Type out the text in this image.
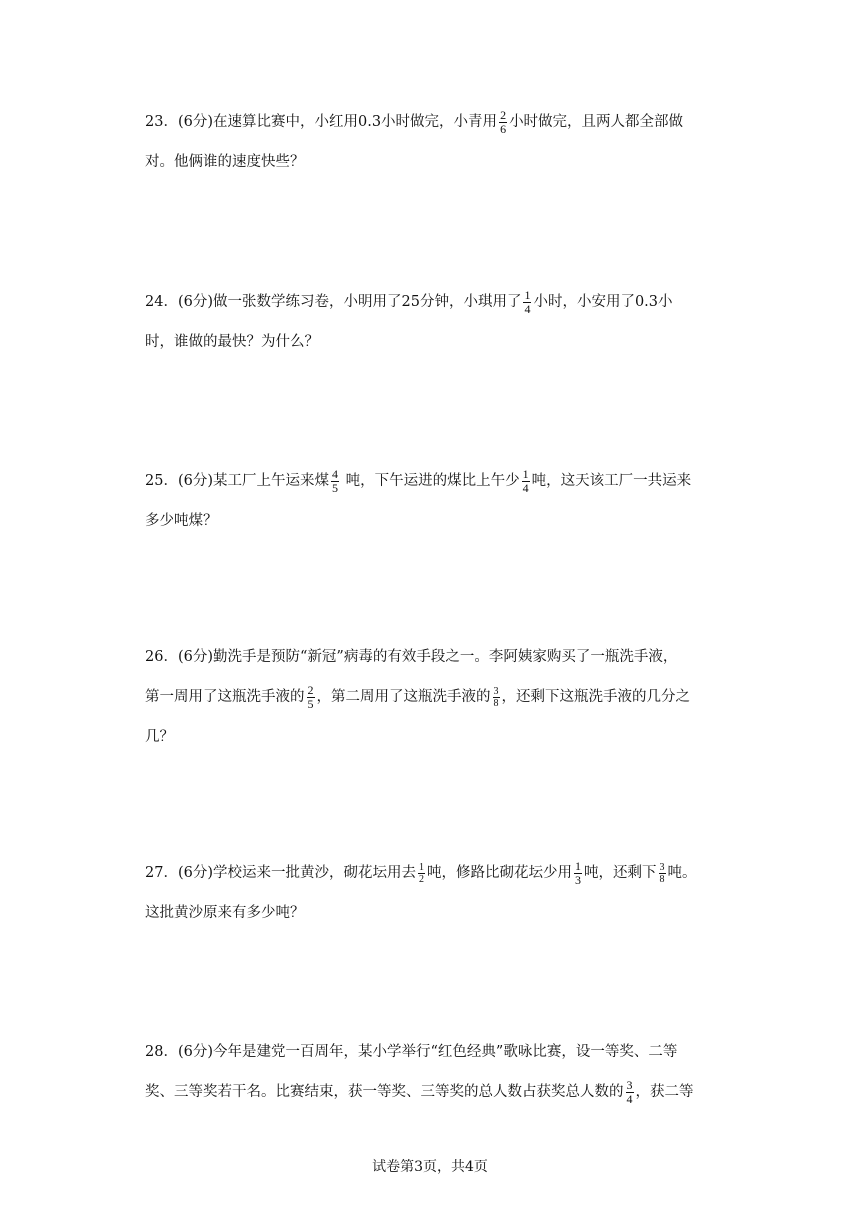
23．(6分)在速算比赛中，小红用0.3小时做完，小青用 $\frac{2}{6}$ 小时做完，且两人都全部做
对。他俩谁的速度快些？
24．(6分)做一张数学练习卷，小明用了25分钟，小琪用了 $\frac{1}{4}$ 小时，小安用了0.3小
时，谁做的最快？为什么？
25．(6分)某工厂上午运来煤 $\frac{4}{5}$ 吨，下午运进的煤比上午少 $\frac{1}{4}$ 吨，这天该工厂一共运来
多少吨煤？
26．(6分)勤洗手是预防“新冠”病毒的有效手段之一。李阿姨家购买了一瓶洗手液，
第一周用了这瓶洗手液的 $\frac{2}{5}$ ，第二周用了这瓶洗手液的 $\frac{3}{8}$ ，还剩下这瓶洗手液的几分之
几？
27．(6分)学校运来一批黄沙，砌花坛用去 $\frac{1}{2}$ 吨，修路比砌花坛少用 $\frac{1}{3}$ 吨，还剩下 $\frac{3}{8}$ 吨。
这批黄沙原来有多少吨？
28．(6分)今年是建党一百周年，某小学举行“红色经典”歌咏比赛，设一等奖、二等
奖、三等奖若干名。比赛结束，获一等奖、三等奖的总人数占获奖总人数的 $\frac{3}{4}$ ，获二等
试卷第3页，共4页
